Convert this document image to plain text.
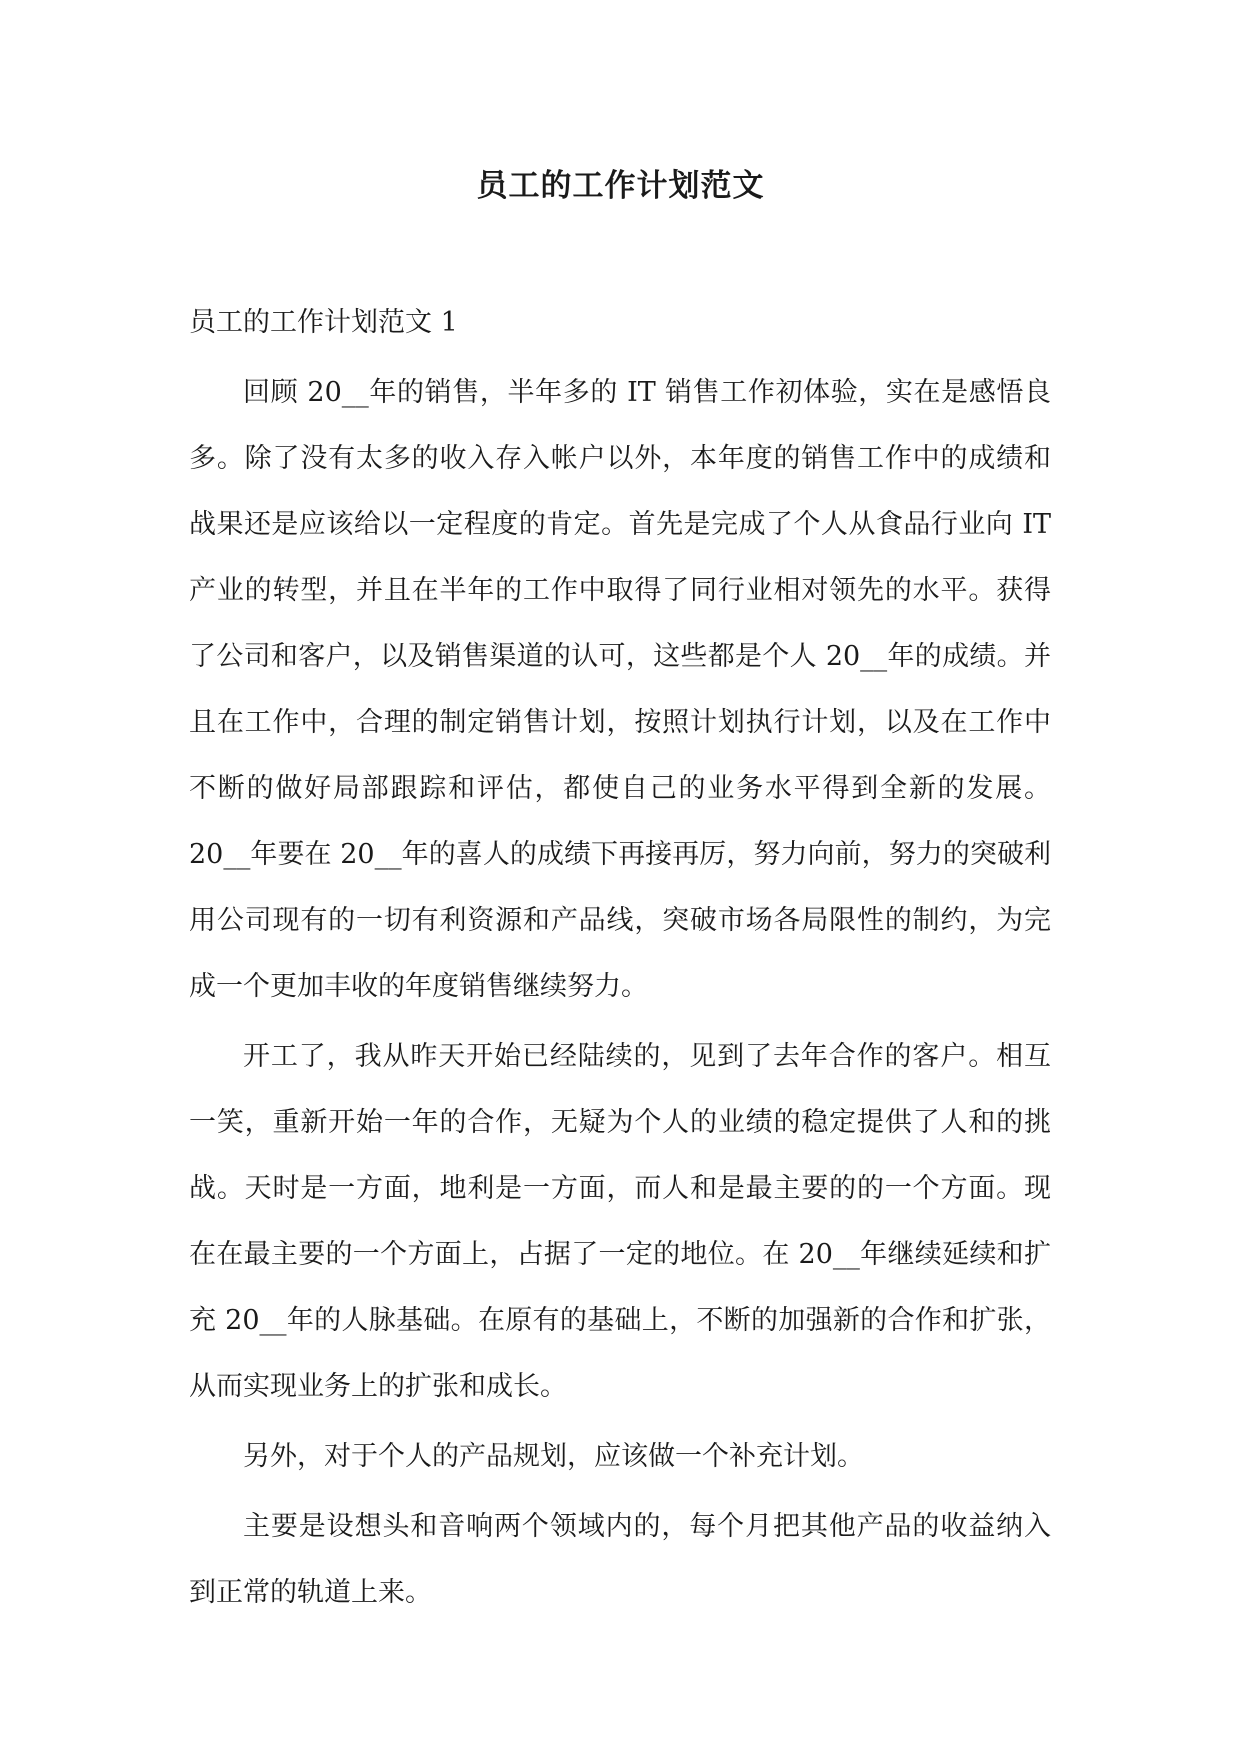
员工的工作计划范文

员工的工作计划范文 1

回顾 20__年的销售，半年多的 IT 销售工作初体验，实在是感悟良多。除了没有太多的收入存入帐户以外，本年度的销售工作中的成绩和战果还是应该给以一定程度的肯定。首先是完成了个人从食品行业向 IT 产业的转型，并且在半年的工作中取得了同行业相对领先的水平。获得了公司和客户，以及销售渠道的认可，这些都是个人 20__年的成绩。并且在工作中，合理的制定销售计划，按照计划执行计划，以及在工作中不断的做好局部跟踪和评估，都使自己的业务水平得到全新的发展。20__年要在 20__年的喜人的成绩下再接再厉，努力向前，努力的突破利用公司现有的一切有利资源和产品线，突破市场各局限性的制约，为完成一个更加丰收的年度销售继续努力。

开工了，我从昨天开始已经陆续的，见到了去年合作的客户。相互一笑，重新开始一年的合作，无疑为个人的业绩的稳定提供了人和的挑战。天时是一方面，地利是一方面，而人和是最主要的的一个方面。现在在最主要的一个方面上，占据了一定的地位。在 20__年继续延续和扩充 20__年的人脉基础。在原有的基础上，不断的加强新的合作和扩张，从而实现业务上的扩张和成长。

另外，对于个人的产品规划，应该做一个补充计划。

主要是设想头和音响两个领域内的，每个月把其他产品的收益纳入到正常的轨道上来。
